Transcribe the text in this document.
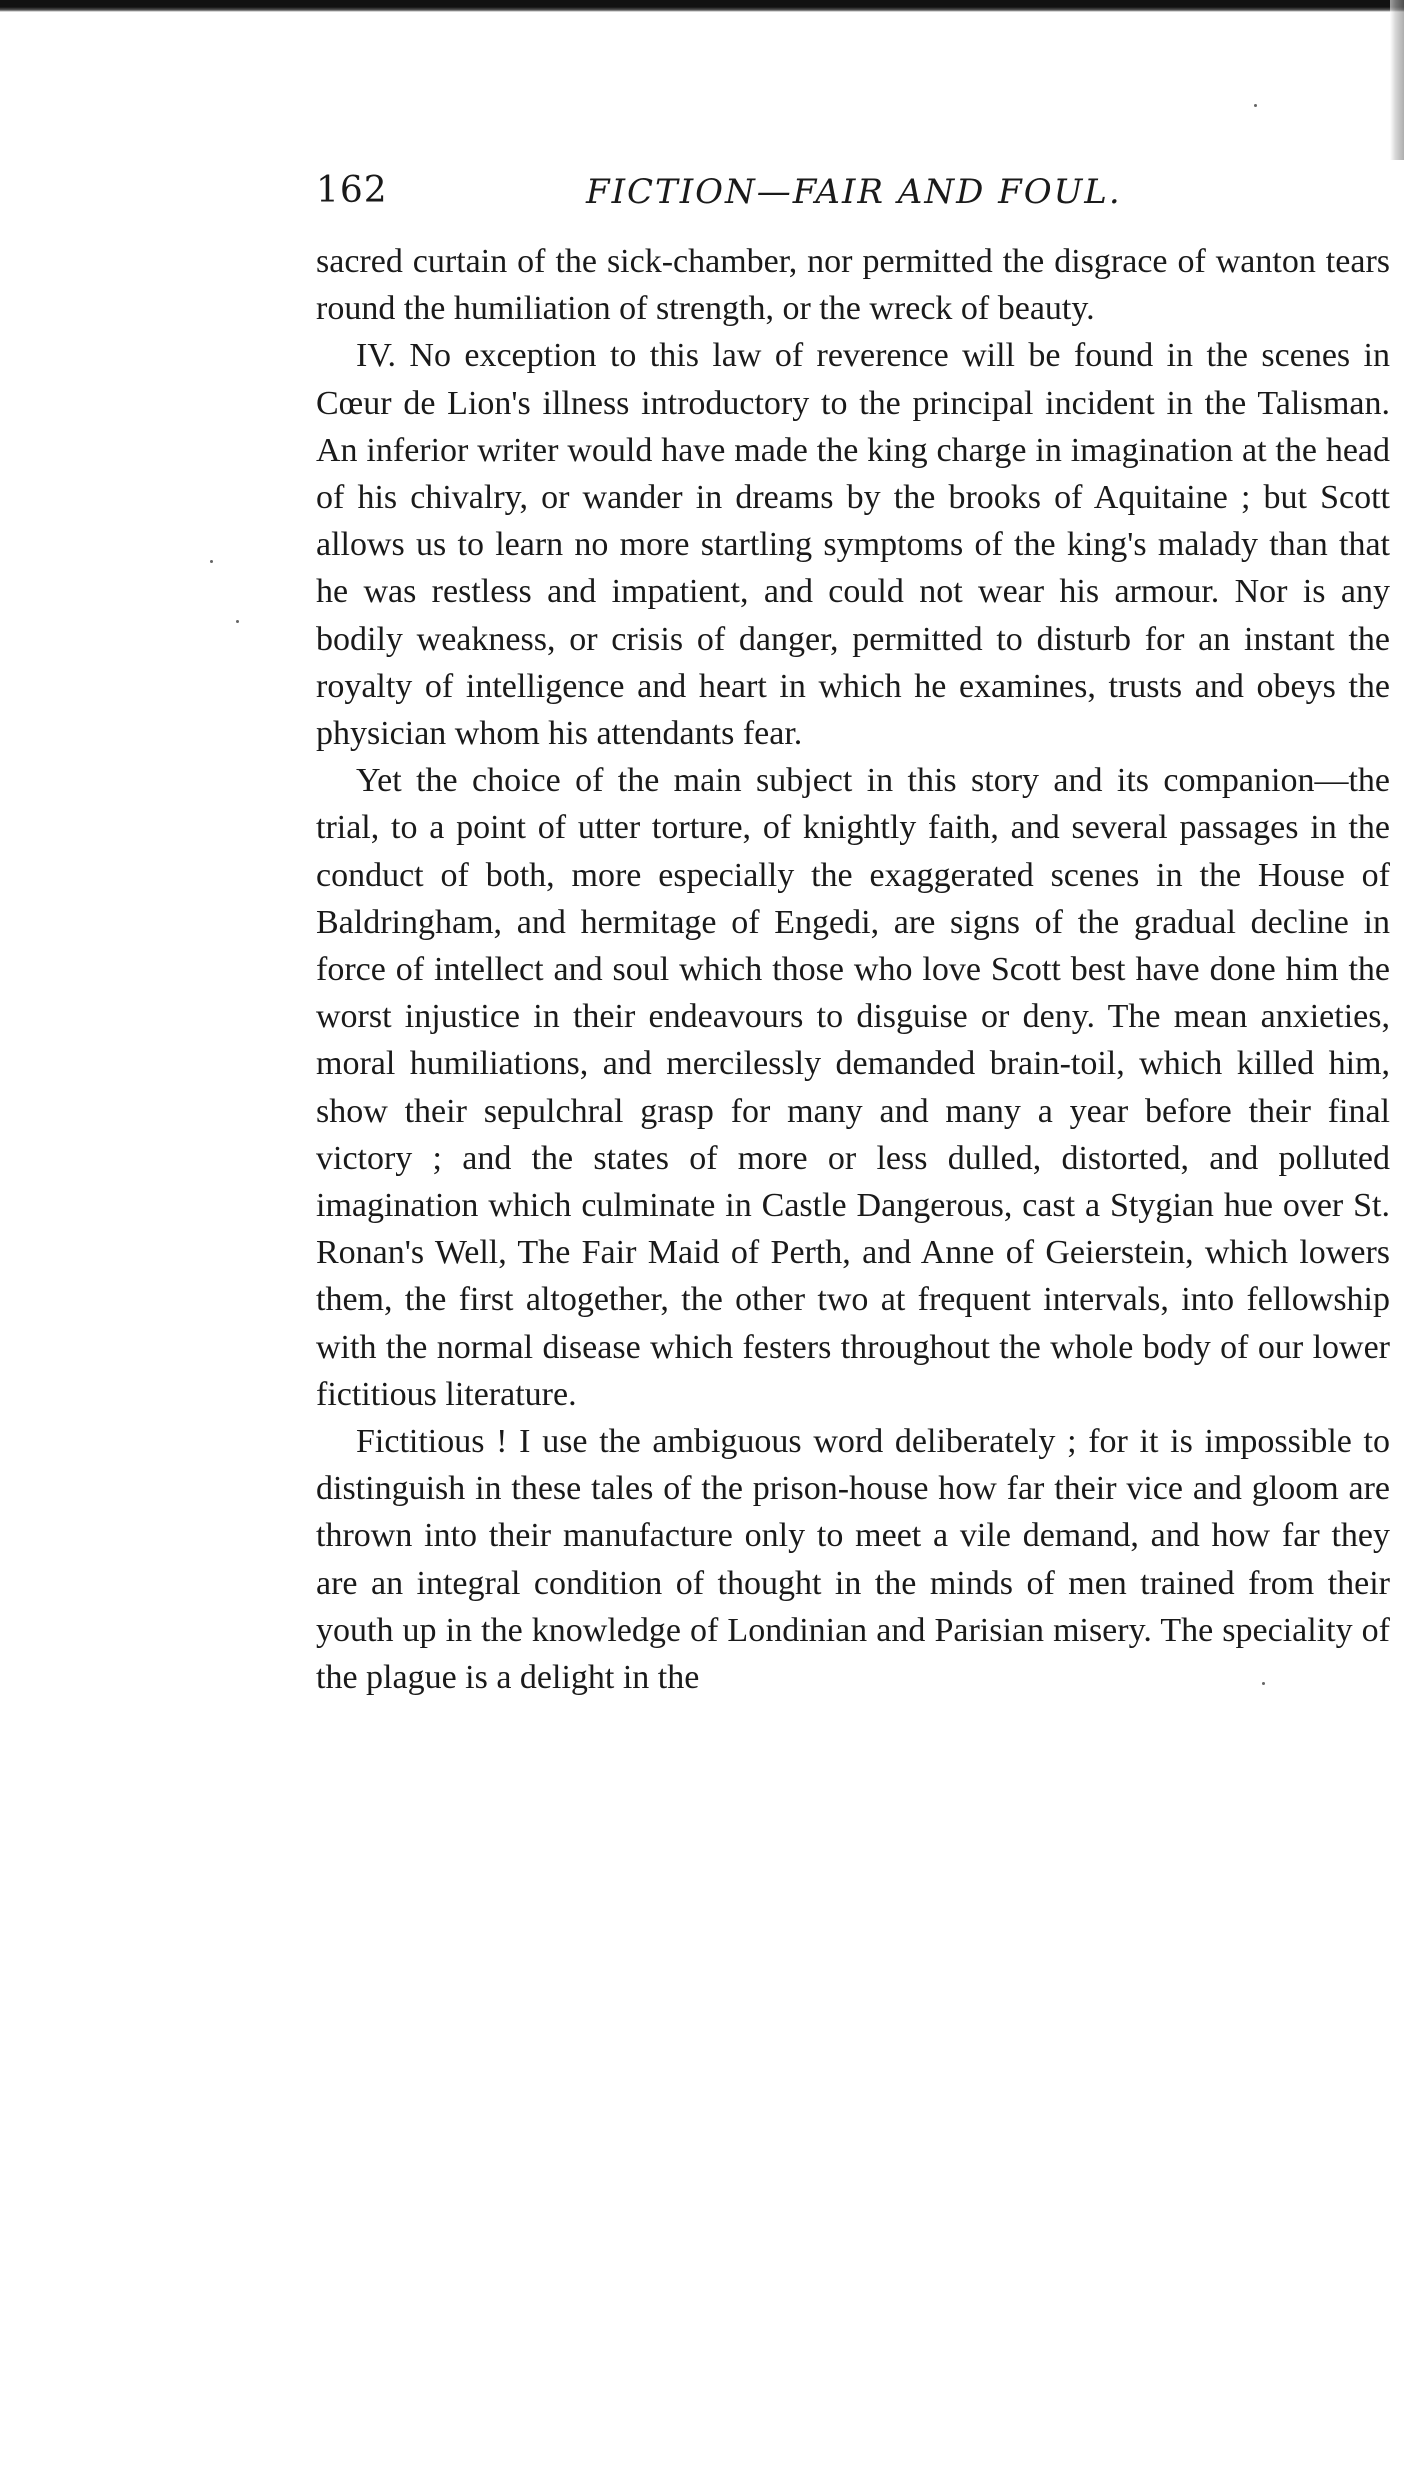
162	FICTION—FAIR AND FOUL.

sacred curtain of the sick-chamber, nor permitted the disgrace of wanton tears round the humiliation of strength, or the wreck of beauty.

IV. No exception to this law of reverence will be found in the scenes in Cœur de Lion's illness introductory to the principal incident in the Talisman. An inferior writer would have made the king charge in imagination at the head of his chivalry, or wander in dreams by the brooks of Aquitaine ; but Scott allows us to learn no more startling symptoms of the king's malady than that he was restless and impatient, and could not wear his armour. Nor is any bodily weakness, or crisis of danger, permitted to disturb for an instant the royalty of intelligence and heart in which he examines, trusts and obeys the physician whom his attendants fear.

Yet the choice of the main subject in this story and its companion—the trial, to a point of utter torture, of knightly faith, and several passages in the conduct of both, more especially the exaggerated scenes in the House of Baldringham, and hermitage of Engedi, are signs of the gradual decline in force of intellect and soul which those who love Scott best have done him the worst injustice in their endeavours to disguise or deny. The mean anxieties, moral humiliations, and mercilessly demanded brain-toil, which killed him, show their sepulchral grasp for many and many a year before their final victory ; and the states of more or less dulled, distorted, and polluted imagination which culminate in Castle Dangerous, cast a Stygian hue over St. Ronan's Well, The Fair Maid of Perth, and Anne of Geierstein, which lowers them, the first altogether, the other two at frequent intervals, into fellowship with the normal disease which festers throughout the whole body of our lower fictitious literature.

Fictitious ! I use the ambiguous word deliberately ; for it is impossible to distinguish in these tales of the prison-house how far their vice and gloom are thrown into their manufacture only to meet a vile demand, and how far they are an integral condition of thought in the minds of men trained from their youth up in the knowledge of Londinian and Parisian misery. The speciality of the plague is a delight in the
